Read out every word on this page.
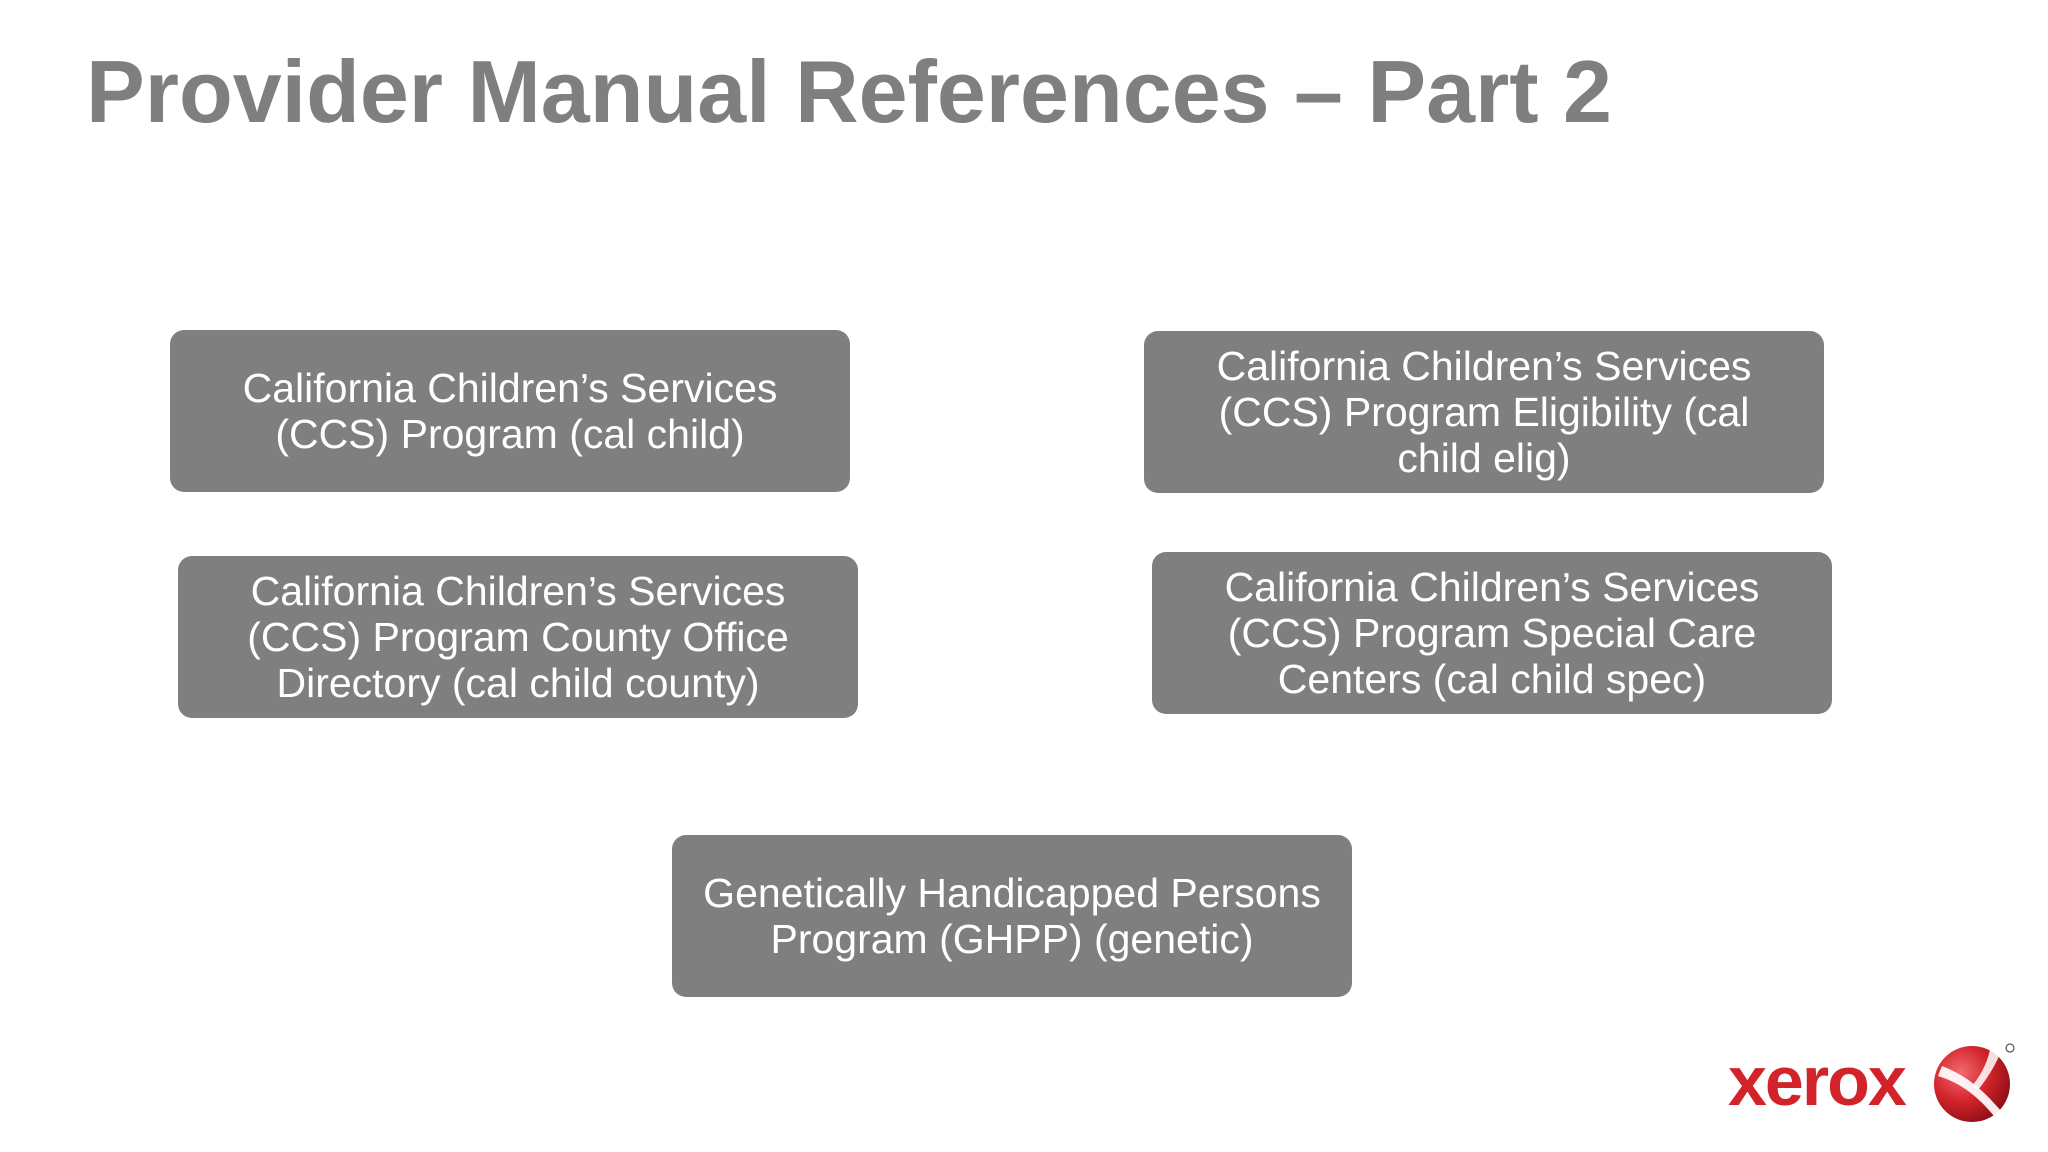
Provider Manual References – Part 2
California Children’s Services (CCS) Program (cal child)
California Children’s Services (CCS) Program Eligibility (cal child elig)
California Children’s Services (CCS) Program County Office Directory (cal child county)
California Children’s Services (CCS) Program Special Care Centers (cal child spec)
Genetically Handicapped Persons Program (GHPP) (genetic)
xerox
